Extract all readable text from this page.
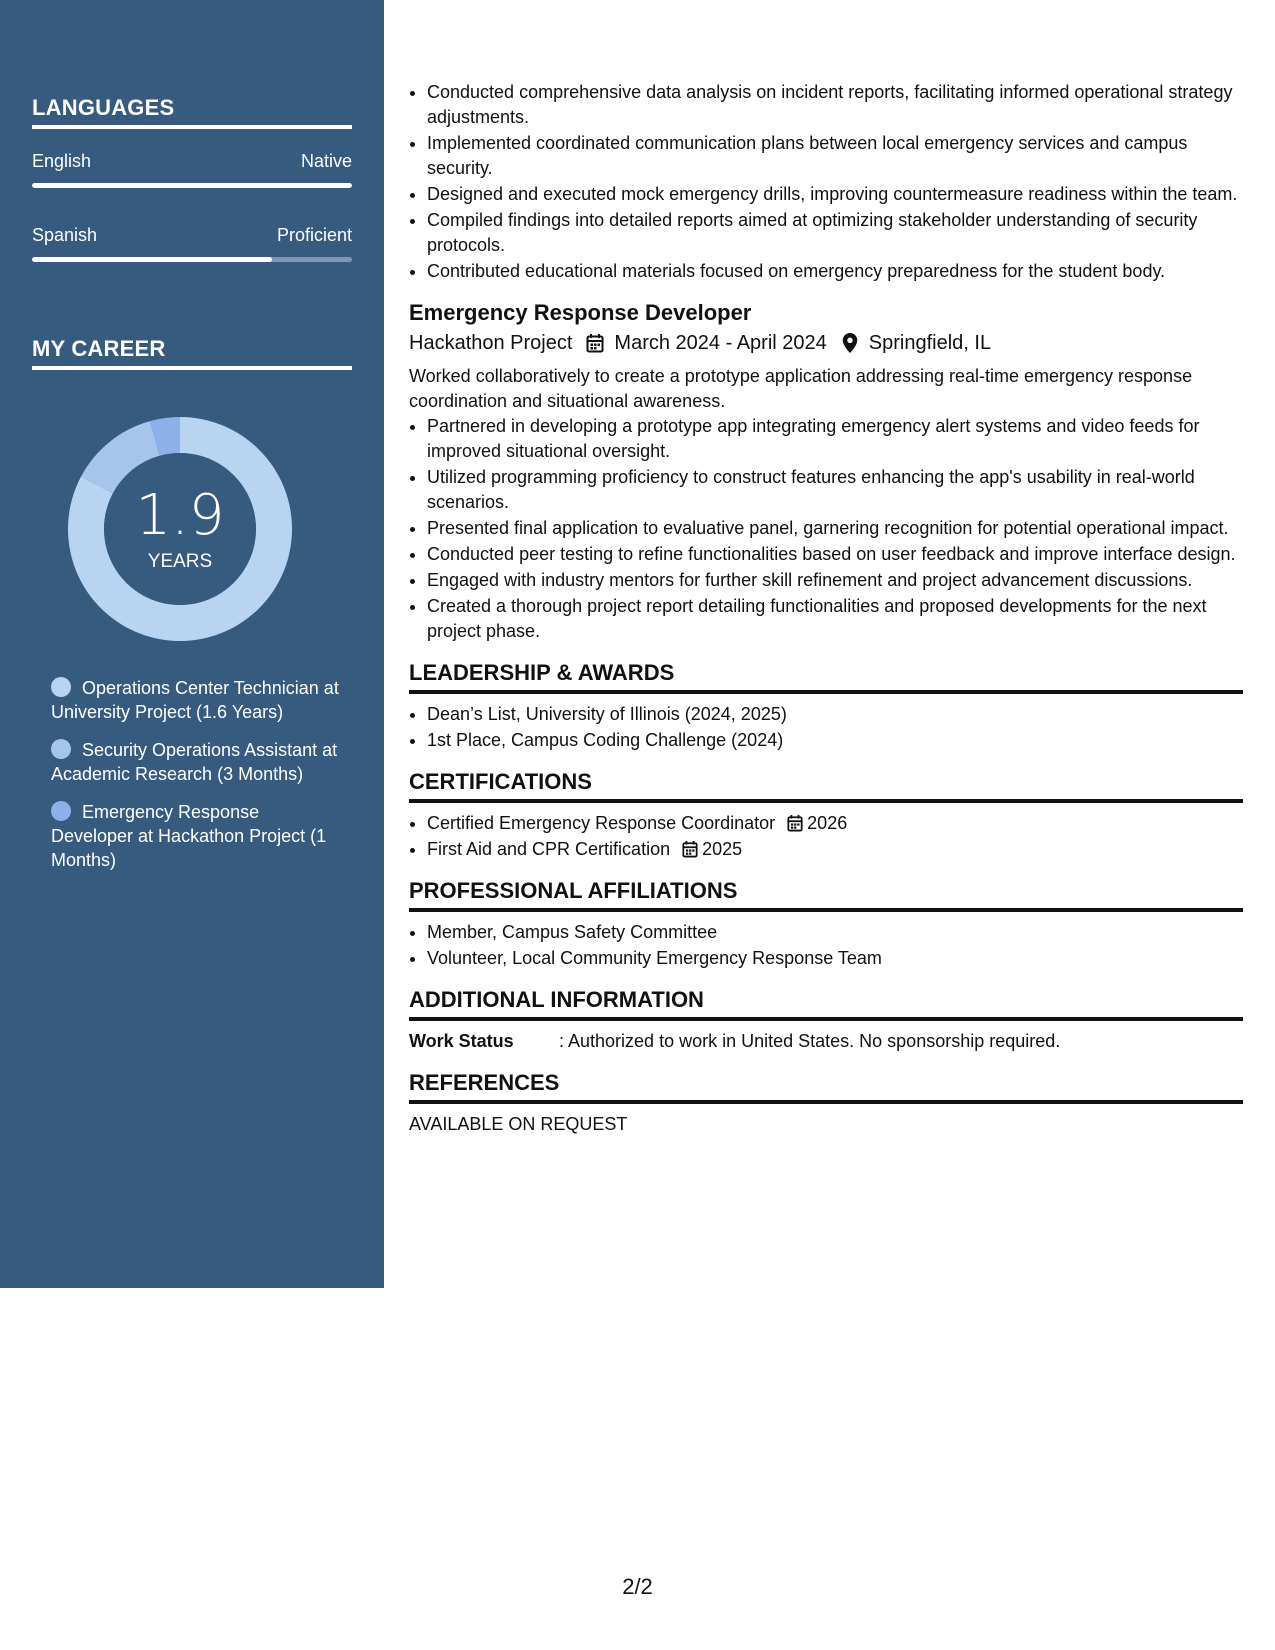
LANGUAGES
English	Native
Spanish	Proficient
MY CAREER
1.9
YEARS
Operations Center Technician at University Project (1.6 Years)
Security Operations Assistant at Academic Research (3 Months)
Emergency Response Developer at Hackathon Project (1 Months)
• Conducted comprehensive data analysis on incident reports, facilitating informed operational strategy adjustments.
• Implemented coordinated communication plans between local emergency services and campus security.
• Designed and executed mock emergency drills, improving countermeasure readiness within the team.
• Compiled findings into detailed reports aimed at optimizing stakeholder understanding of security protocols.
• Contributed educational materials focused on emergency preparedness for the student body.
Emergency Response Developer
Hackathon Project March 2024 - April 2024 Springfield, IL
Worked collaboratively to create a prototype application addressing real-time emergency response coordination and situational awareness.
• Partnered in developing a prototype app integrating emergency alert systems and video feeds for improved situational oversight.
• Utilized programming proficiency to construct features enhancing the app's usability in real-world scenarios.
• Presented final application to evaluative panel, garnering recognition for potential operational impact.
• Conducted peer testing to refine functionalities based on user feedback and improve interface design.
• Engaged with industry mentors for further skill refinement and project advancement discussions.
• Created a thorough project report detailing functionalities and proposed developments for the next project phase.
LEADERSHIP & AWARDS
• Dean’s List, University of Illinois (2024, 2025)
• 1st Place, Campus Coding Challenge (2024)
CERTIFICATIONS
• Certified Emergency Response Coordinator 2026
• First Aid and CPR Certification 2025
PROFESSIONAL AFFILIATIONS
• Member, Campus Safety Committee
• Volunteer, Local Community Emergency Response Team
ADDITIONAL INFORMATION
Work Status	: Authorized to work in United States. No sponsorship required.
REFERENCES
AVAILABLE ON REQUEST
2/2
